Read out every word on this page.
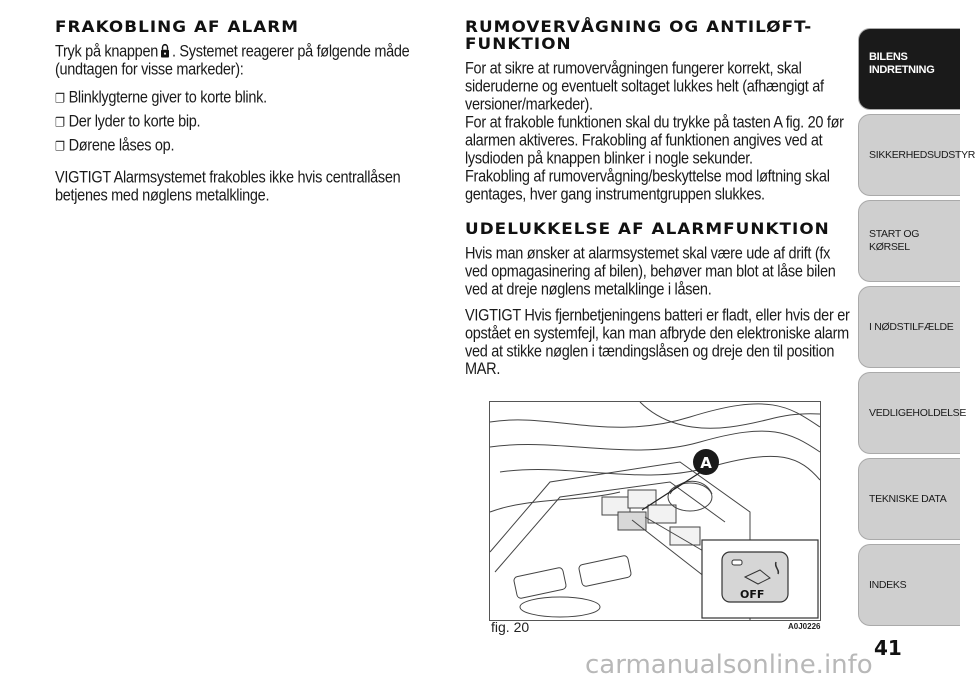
FRAKOBLING AF ALARM

Tryk på knappen . Systemet reagerer på følgende måde (undtagen for visse markeder):

❒ Blinklygterne giver to korte blink.

❒ Der lyder to korte bip.

❒ Dørene låses op.

VIGTIGT Alarmsystemet frakobles ikke hvis centrallåsen betjenes med nøglens metalklinge.

RUMOVERVÅGNING OG ANTILØFT-FUNKTION

For at sikre at rumovervågningen fungerer korrekt, skal sideruderne og eventuelt soltaget lukkes helt (afhængigt af versioner/markeder).

For at frakoble funktionen skal du trykke på tasten A fig. 20 før alarmen aktiveres. Frakobling af funktionen angives ved at lysdioden på knappen blinker i nogle sekunder.

Frakobling af rumovervågning/beskyttelse mod løftning skal gentages, hver gang instrumentgruppen slukkes.

UDELUKKELSE AF ALARMFUNKTION

Hvis man ønsker at alarmsystemet skal være ude af drift (fx ved opmagasinering af bilen), behøver man blot at låse bilen ved at dreje nøglens metalklinge i låsen.

VIGTIGT Hvis fjernbetjeningens batteri er fladt, eller hvis der er opstået en systemfejl, kan man afbryde den elektroniske alarm ved at stikke nøglen i tændingslåsen og dreje den til position MAR.

OFF
A
fig. 20	A0J0226
BILENS
INDRETNING
SIKKERHEDSUDSTYR
START OG KØRSEL
I NØDSTILFÆLDE
VEDLIGEHOLDELSE
TEKNISKE DATA
INDEKS
41
carmanualsonline.info
